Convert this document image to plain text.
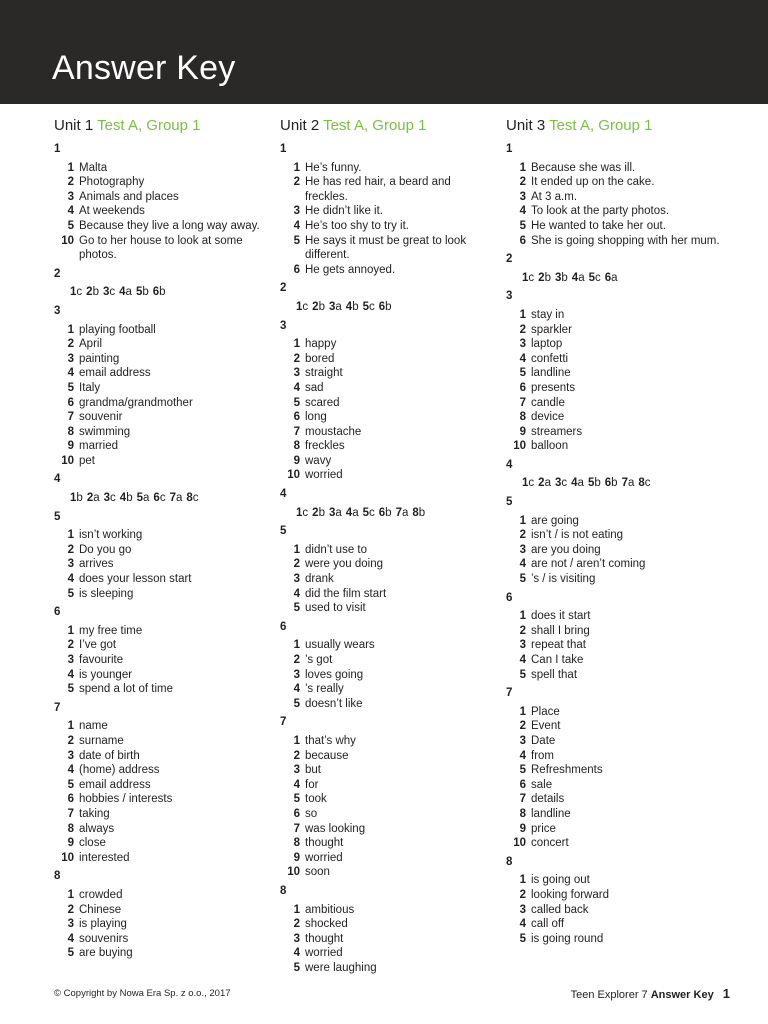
Answer Key
Unit 1 Test A, Group 1
1
1 Malta
2 Photography
3 Animals and places
4 At weekends
5 Because they live a long way away.
10 Go to her house to look at some photos.
2
1c 2b 3c 4a 5b 6b
3
1 playing football
2 April
3 painting
4 email address
5 Italy
6 grandma/grandmother
7 souvenir
8 swimming
9 married
10 pet
4
1b 2a 3c 4b 5a 6c 7a 8c
5
1 isn’t working
2 Do you go
3 arrives
4 does your lesson start
5 is sleeping
6
1 my free time
2 I’ve got
3 favourite
4 is younger
5 spend a lot of time
7
1 name
2 surname
3 date of birth
4 (home) address
5 email address
6 hobbies / interests
7 taking
8 always
9 close
10 interested
8
1 crowded
2 Chinese
3 is playing
4 souvenirs
5 are buying
Unit 2 Test A, Group 1
1
1 He’s funny.
2 He has red hair, a beard and freckles.
3 He didn’t like it.
4 He’s too shy to try it.
5 He says it must be great to look different.
6 He gets annoyed.
2
1c 2b 3a 4b 5c 6b
3
1 happy
2 bored
3 straight
4 sad
5 scared
6 long
7 moustache
8 freckles
9 wavy
10 worried
4
1c 2b 3a 4a 5c 6b 7a 8b
5
1 didn’t use to
2 were you doing
3 drank
4 did the film start
5 used to visit
6
1 usually wears
2 ’s got
3 loves going
4 ’s really
5 doesn’t like
7
1 that’s why
2 because
3 but
4 for
5 took
6 so
7 was looking
8 thought
9 worried
10 soon
8
1 ambitious
2 shocked
3 thought
4 worried
5 were laughing
Unit 3 Test A, Group 1
1
1 Because she was ill.
2 It ended up on the cake.
3 At 3 a.m.
4 To look at the party photos.
5 He wanted to take her out.
6 She is going shopping with her mum.
2
1c 2b 3b 4a 5c 6a
3
1 stay in
2 sparkler
3 laptop
4 confetti
5 landline
6 presents
7 candle
8 device
9 streamers
10 balloon
4
1c 2a 3c 4a 5b 6b 7a 8c
5
1 are going
2 isn’t / is not eating
3 are you doing
4 are not / aren’t coming
5 ’s / is visiting
6
1 does it start
2 shall I bring
3 repeat that
4 Can I take
5 spell that
7
1 Place
2 Event
3 Date
4 from
5 Refreshments
6 sale
7 details
8 landline
9 price
10 concert
8
1 is going out
2 looking forward
3 called back
4 call off
5 is going round
© Copyright by Nowa Era Sp. z o.o., 2017	Teen Explorer 7 Answer Key 1
